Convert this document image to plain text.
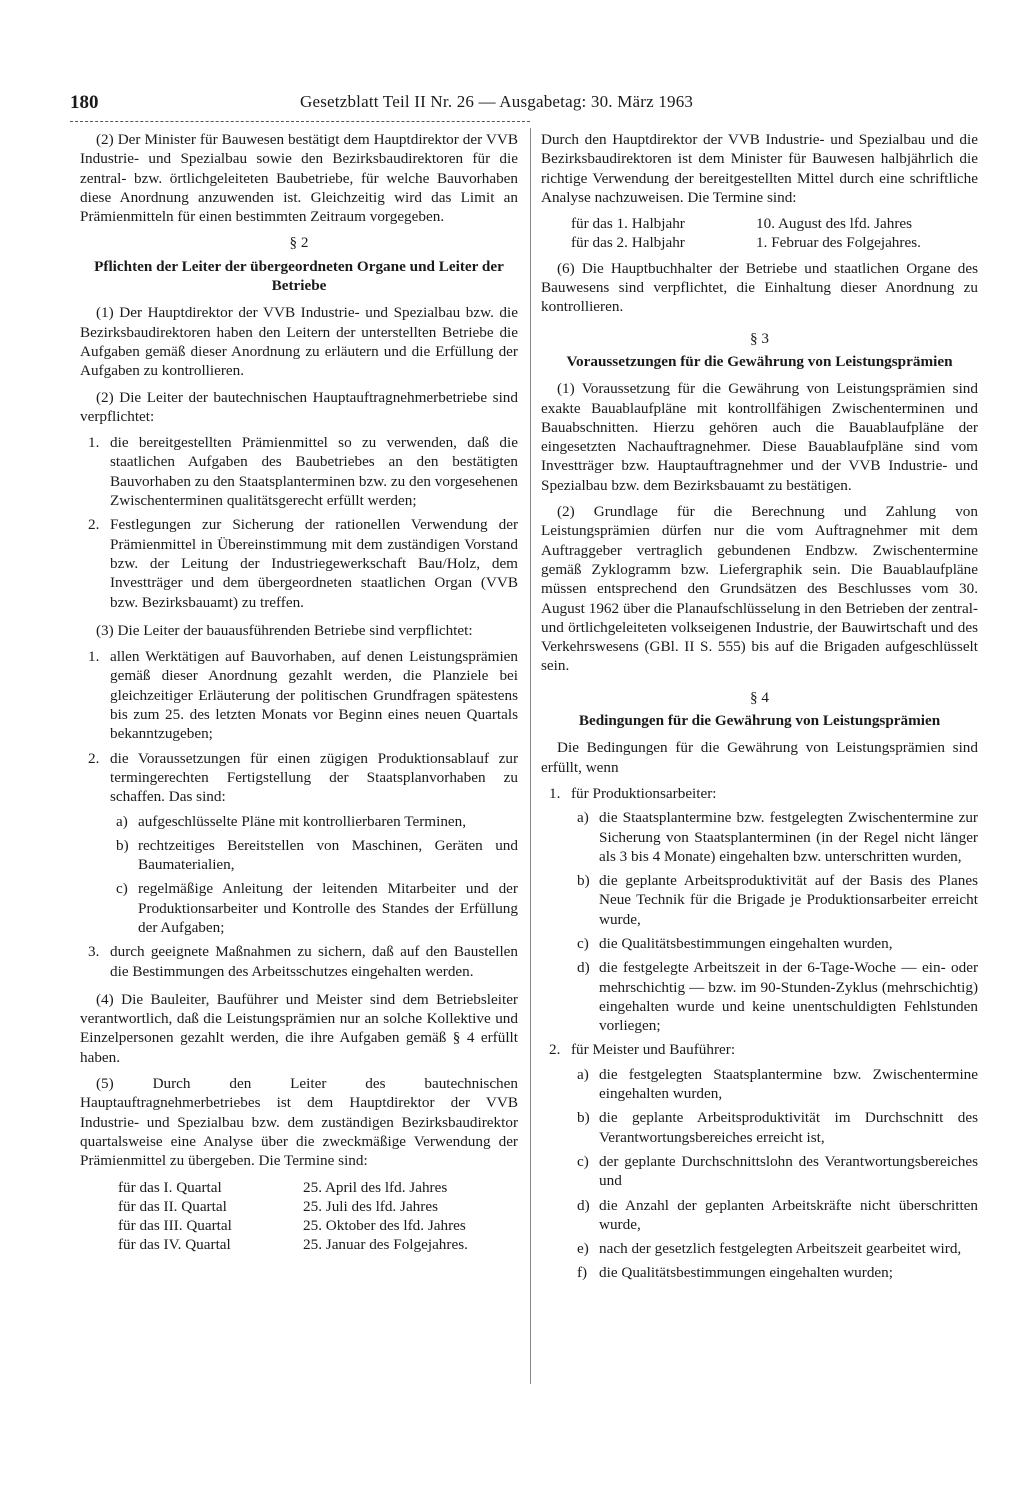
180	Gesetzblatt Teil II Nr. 26 — Ausgabetag: 30. März 1963

(2) Der Minister für Bauwesen bestätigt dem Hauptdirektor der VVB Industrie- und Spezialbau sowie den Bezirksbaudirektoren für die zentral- bzw. örtlichgeleiteten Baubetriebe, für welche Bauvorhaben diese Anordnung anzuwenden ist. Gleichzeitig wird das Limit an Prämienmitteln für einen bestimmten Zeitraum vorgegeben.

§ 2
Pflichten der Leiter der übergeordneten Organe und Leiter der Betriebe

(1) Der Hauptdirektor der VVB Industrie- und Spezialbau bzw. die Bezirksbaudirektoren haben den Leitern der unterstellten Betriebe die Aufgaben gemäß dieser Anordnung zu erläutern und die Erfüllung der Aufgaben zu kontrollieren.

(2) Die Leiter der bautechnischen Hauptauftragnehmerbetriebe sind verpflichtet:

1. die bereitgestellten Prämienmittel so zu verwenden, daß die staatlichen Aufgaben des Baubetriebes an den bestätigten Bauvorhaben zu den Staatsplanterminen bzw. zu den vorgesehenen Zwischenterminen qualitätsgerecht erfüllt werden;
2. Festlegungen zur Sicherung der rationellen Verwendung der Prämienmittel in Übereinstimmung mit dem zuständigen Vorstand bzw. der Leitung der Industriegewerkschaft Bau/Holz, dem Investträger und dem übergeordneten staatlichen Organ (VVB bzw. Bezirksbauamt) zu treffen.

(3) Die Leiter der bauausführenden Betriebe sind verpflichtet:

1. allen Werktätigen auf Bauvorhaben, auf denen Leistungsprämien gemäß dieser Anordnung gezahlt werden, die Planziele bei gleichzeitiger Erläuterung der politischen Grundfragen spätestens bis zum 25. des letzten Monats vor Beginn eines neuen Quartals bekanntzugeben;
2. die Voraussetzungen für einen zügigen Produktionsablauf zur termingerechten Fertigstellung der Staatsplanvorhaben zu schaffen. Das sind:
a) aufgeschlüsselte Pläne mit kontrollierbaren Terminen,
b) rechtzeitiges Bereitstellen von Maschinen, Geräten und Baumaterialien,
c) regelmäßige Anleitung der leitenden Mitarbeiter und der Produktionsarbeiter und Kontrolle des Standes der Erfüllung der Aufgaben;
3. durch geeignete Maßnahmen zu sichern, daß auf den Baustellen die Bestimmungen des Arbeitsschutzes eingehalten werden.

(4) Die Bauleiter, Bauführer und Meister sind dem Betriebsleiter verantwortlich, daß die Leistungsprämien nur an solche Kollektive und Einzelpersonen gezahlt werden, die ihre Aufgaben gemäß § 4 erfüllt haben.

(5) Durch den Leiter des bautechnischen Hauptauftragnehmerbetriebes ist dem Hauptdirektor der VVB Industrie- und Spezialbau bzw. dem zuständigen Bezirksbaudirektor quartalsweise eine Analyse über die zweckmäßige Verwendung der Prämienmittel zu übergeben. Die Termine sind:

für das I. Quartal	25. April des lfd. Jahres
für das II. Quartal	25. Juli des lfd. Jahres
für das III. Quartal	25. Oktober des lfd. Jahres
für das IV. Quartal	25. Januar des Folgejahres.

Durch den Hauptdirektor der VVB Industrie- und Spezialbau und die Bezirksbaudirektoren ist dem Minister für Bauwesen halbjährlich die richtige Verwendung der bereitgestellten Mittel durch eine schriftliche Analyse nachzuweisen. Die Termine sind:

für das 1. Halbjahr	10. August des lfd. Jahres
für das 2. Halbjahr	1. Februar des Folgejahres.

(6) Die Hauptbuchhalter der Betriebe und staatlichen Organe des Bauwesens sind verpflichtet, die Einhaltung dieser Anordnung zu kontrollieren.

§ 3
Voraussetzungen für die Gewährung von Leistungsprämien

(1) Voraussetzung für die Gewährung von Leistungsprämien sind exakte Bauablaufpläne mit kontrollfähigen Zwischenterminen und Bauabschnitten. Hierzu gehören auch die Bauablaufpläne der eingesetzten Nachauftragnehmer. Diese Bauablaufpläne sind vom Investträger bzw. Hauptauftragnehmer und der VVB Industrie- und Spezialbau bzw. dem Bezirksbauamt zu bestätigen.

(2) Grundlage für die Berechnung und Zahlung von Leistungsprämien dürfen nur die vom Auftragnehmer mit dem Auftraggeber vertraglich gebundenen Endbzw. Zwischentermine gemäß Zyklogramm bzw. Liefergraphik sein. Die Bauablaufpläne müssen entsprechend den Grundsätzen des Beschlusses vom 30. August 1962 über die Planaufschlüsselung in den Betrieben der zentral- und örtlichgeleiteten volkseigenen Industrie, der Bauwirtschaft und des Verkehrswesens (GBl. II S. 555) bis auf die Brigaden aufgeschlüsselt sein.

§ 4
Bedingungen für die Gewährung von Leistungsprämien

Die Bedingungen für die Gewährung von Leistungsprämien sind erfüllt, wenn

1. für Produktionsarbeiter:
a) die Staatsplantermine bzw. festgelegten Zwischentermine zur Sicherung von Staatsplanterminen (in der Regel nicht länger als 3 bis 4 Monate) eingehalten bzw. unterschritten wurden,
b) die geplante Arbeitsproduktivität auf der Basis des Planes Neue Technik für die Brigade je Produktionsarbeiter erreicht wurde,
c) die Qualitätsbestimmungen eingehalten wurden,
d) die festgelegte Arbeitszeit in der 6-Tage-Woche — ein- oder mehrschichtig — bzw. im 90-Stunden-Zyklus (mehrschichtig) eingehalten wurde und keine unentschuldigten Fehlstunden vorliegen;
2. für Meister und Bauführer:
a) die festgelegten Staatsplantermine bzw. Zwischentermine eingehalten wurden,
b) die geplante Arbeitsproduktivität im Durchschnitt des Verantwortungsbereiches erreicht ist,
c) der geplante Durchschnittslohn des Verantwortungsbereiches und
d) die Anzahl der geplanten Arbeitskräfte nicht überschritten wurde,
e) nach der gesetzlich festgelegten Arbeitszeit gearbeitet wird,
f) die Qualitätsbestimmungen eingehalten wurden;
